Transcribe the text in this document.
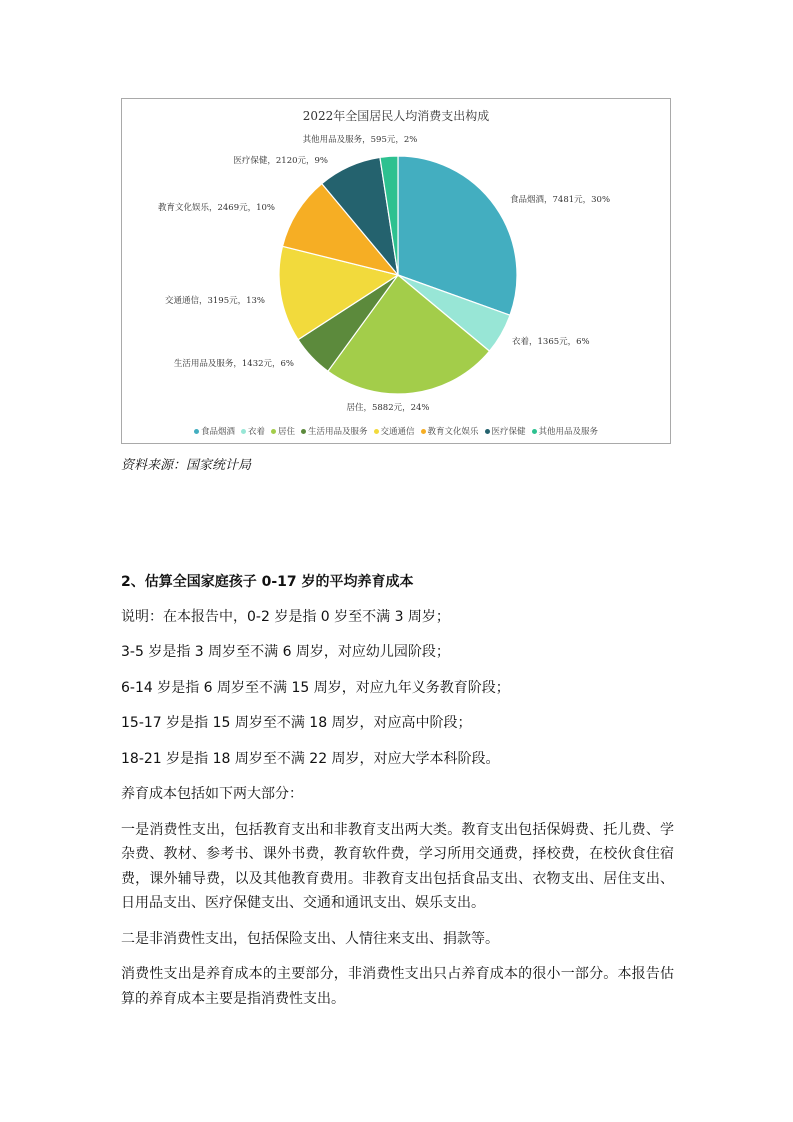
2022年全国居民人均消费支出构成
食品烟酒，7481元，30%
衣着，1365元，6%
居住，5882元，24%
生活用品及服务，1432元，6%
交通通信，3195元，13%
教育文化娱乐，2469元，10%
医疗保健，2120元，9%
其他用品及服务，595元，2%
食品烟酒 衣着 居住 生活用品及服务 交通通信 教育文化娱乐 医疗保健 其他用品及服务
资料来源：国家统计局
2、估算全国家庭孩子 0-17 岁的平均养育成本
说明：在本报告中，0-2 岁是指 0 岁至不满 3 周岁；
3-5 岁是指 3 周岁至不满 6 周岁，对应幼儿园阶段；
6-14 岁是指 6 周岁至不满 15 周岁，对应九年义务教育阶段；
15-17 岁是指 15 周岁至不满 18 周岁，对应高中阶段；
18-21 岁是指 18 周岁至不满 22 周岁，对应大学本科阶段。
养育成本包括如下两大部分：
一是消费性支出，包括教育支出和非教育支出两大类。教育支出包括保姆费、托儿费、学杂费、教材、参考书、课外书费，教育软件费，学习所用交通费，择校费，在校伙食住宿费，课外辅导费，以及其他教育费用。非教育支出包括食品支出、衣物支出、居住支出、日用品支出、医疗保健支出、交通和通讯支出、娱乐支出。
二是非消费性支出，包括保险支出、人情往来支出、捐款等。
消费性支出是养育成本的主要部分，非消费性支出只占养育成本的很小一部分。本报告估算的养育成本主要是指消费性支出。
